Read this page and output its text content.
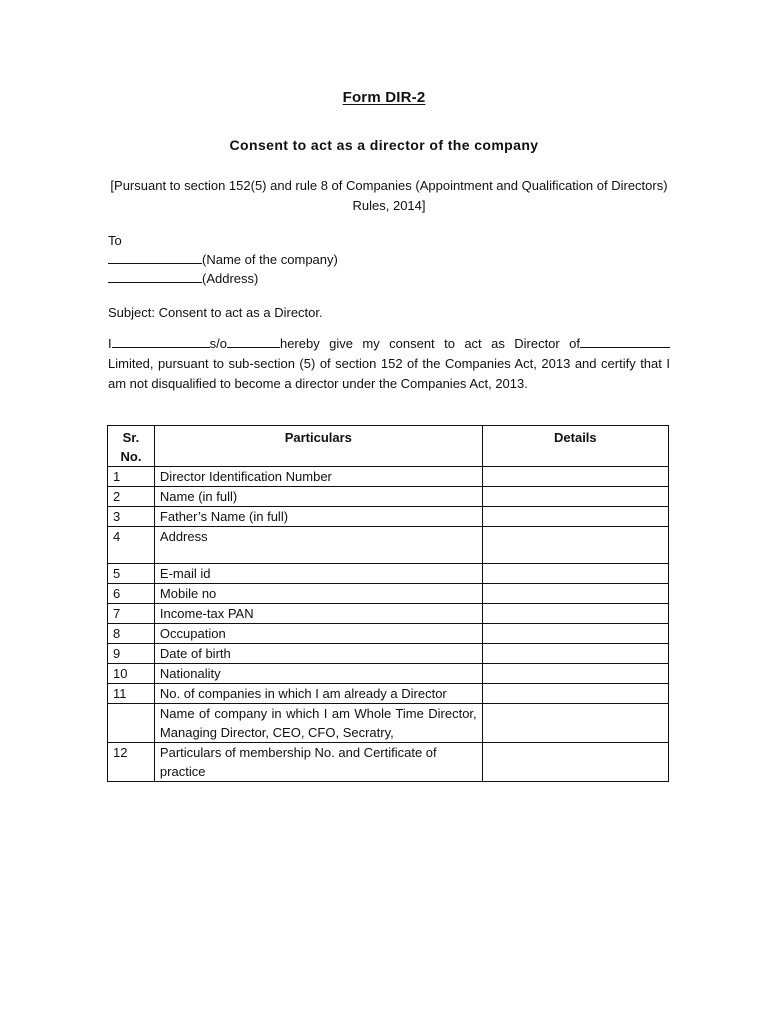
Form DIR-2
Consent to act as a director of the company
[Pursuant to section 152(5) and rule 8 of Companies (Appointment and Qualification of Directors) Rules, 2014]
To
(Name of the company)
(Address)
Subject: Consent to act as a Director.
I	s/o	hereby give my consent to act as Director of Limited, pursuant to sub-section (5) of section 152 of the Companies Act, 2013 and certify that I am not disqualified to become a director under the Companies Act, 2013.
Sr. No.	Particulars	Details
1	Director Identification Number	
2	Name (in full)	
3	Father’s Name (in full)	
4	Address	
5	E-mail id	
6	Mobile no	
7	Income-tax PAN	
8	Occupation	
9	Date of birth	
10	Nationality	
11	No. of companies in which I am already a Director	
	Name of company in which I am Whole Time Director, Managing Director, CEO, CFO, Secratry,	
12	Particulars of membership No. and Certificate of practice	
